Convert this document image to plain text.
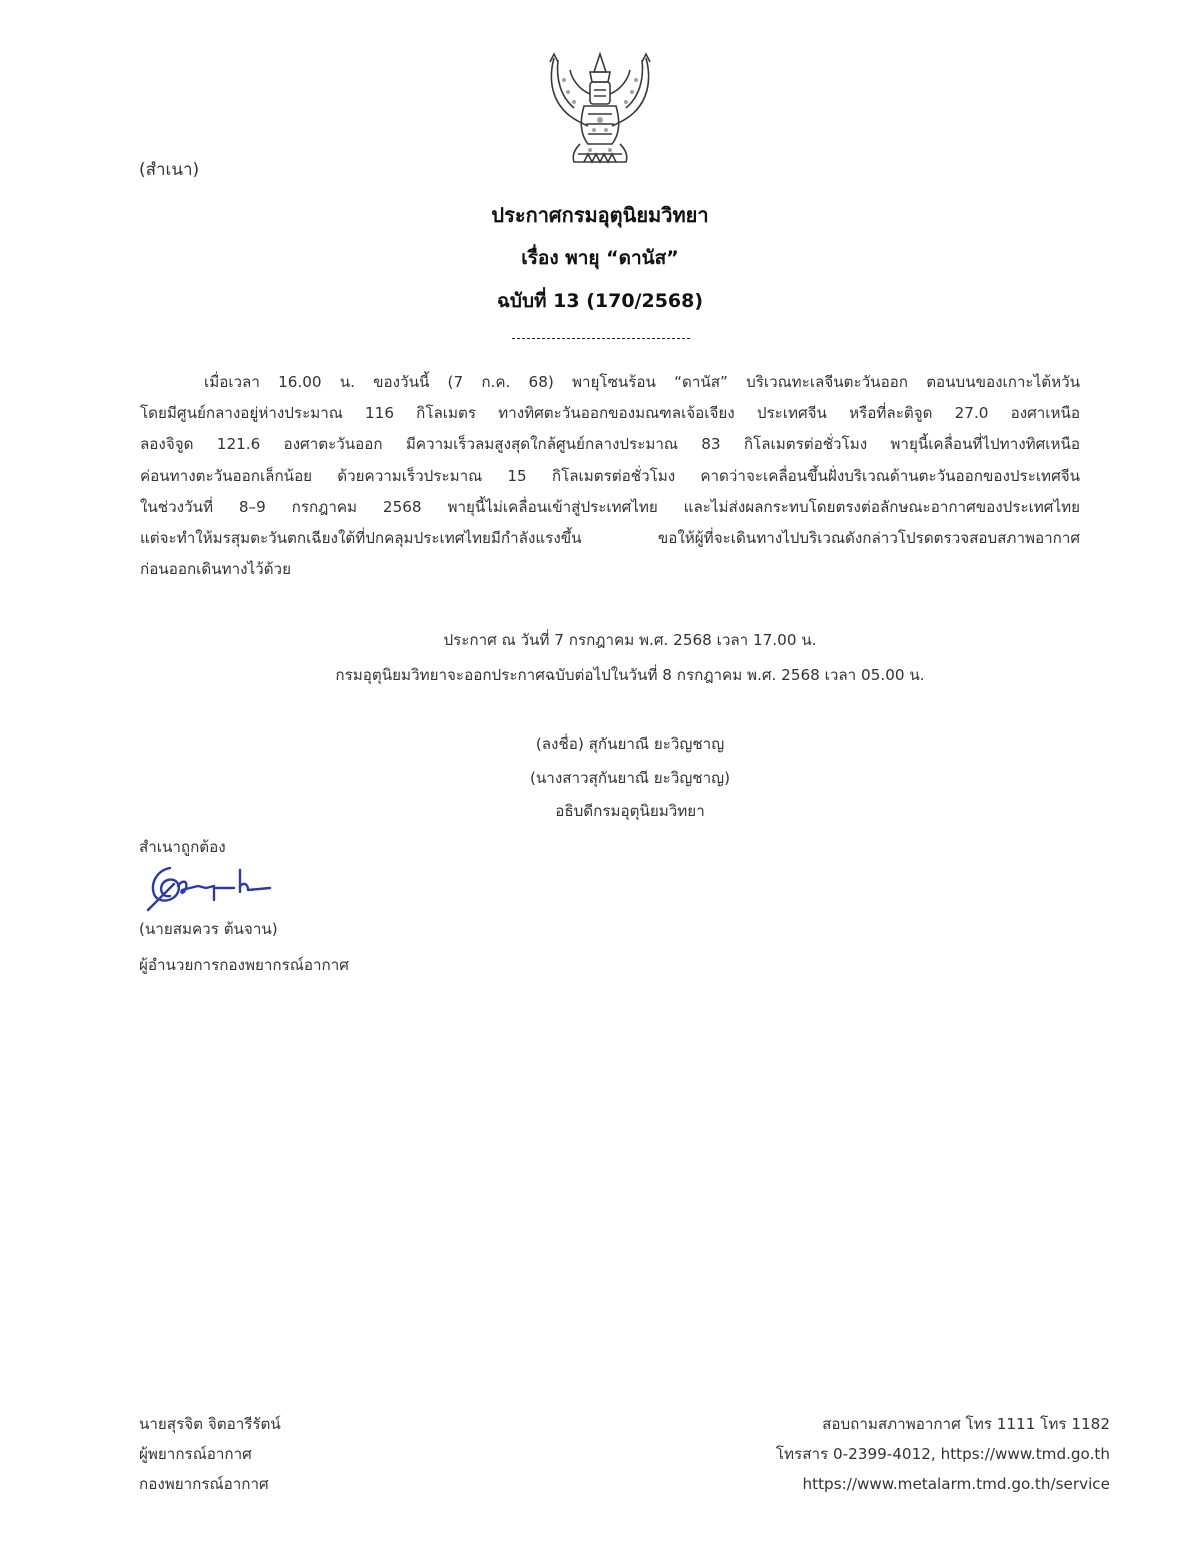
(สำเนา)
ประกาศกรมอุตุนิยมวิทยา
เรื่อง พายุ “ดานัส”
ฉบับที่ 13 (170/2568)
เมื่อเวลา 16.00 น. ของวันนี้ (7 ก.ค. 68) พายุโซนร้อน “ดานัส” บริเวณทะเลจีนตะวันออก ตอนบนของเกาะไต้หวัน
โดยมีศูนย์กลางอยู่ห่างประมาณ 116 กิโลเมตร ทางทิศตะวันออกของมณฑลเจ้อเจียง ประเทศจีน หรือที่ละติจูด 27.0 องศาเหนือ
ลองจิจูด 121.6 องศาตะวันออก มีความเร็วลมสูงสุดใกล้ศูนย์กลางประมาณ 83 กิโลเมตรต่อชั่วโมง พายุนี้เคลื่อนที่ไปทางทิศเหนือ
ค่อนทางตะวันออกเล็กน้อย ด้วยความเร็วประมาณ 15 กิโลเมตรต่อชั่วโมง คาดว่าจะเคลื่อนขึ้นฝั่งบริเวณด้านตะวันออกของประเทศจีน
ในช่วงวันที่ 8–9 กรกฎาคม 2568 พายุนี้ไม่เคลื่อนเข้าสู่ประเทศไทย และไม่ส่งผลกระทบโดยตรงต่อลักษณะอากาศของประเทศไทย
แต่จะทำให้มรสุมตะวันตกเฉียงใต้ที่ปกคลุมประเทศไทยมีกำลังแรงขึ้น ขอให้ผู้ที่จะเดินทางไปบริเวณดังกล่าวโปรดตรวจสอบสภาพอากาศ
ก่อนออกเดินทางไว้ด้วย
ประกาศ ณ วันที่ 7 กรกฎาคม พ.ศ. 2568 เวลา 17.00 น.
กรมอุตุนิยมวิทยาจะออกประกาศฉบับต่อไปในวันที่ 8 กรกฎาคม พ.ศ. 2568 เวลา 05.00 น.
(ลงชื่อ) สุกันยาณี ยะวิญชาญ
(นางสาวสุกันยาณี ยะวิญชาญ)
อธิบดีกรมอุตุนิยมวิทยา
สำเนาถูกต้อง
(นายสมควร ต้นจาน)
ผู้อำนวยการกองพยากรณ์อากาศ
นายสุรจิต จิตอารีรัตน์
ผู้พยากรณ์อากาศ
กองพยากรณ์อากาศ
สอบถามสภาพอากาศ โทร 1111 โทร 1182
โทรสาร 0-2399-4012, https://www.tmd.go.th
https://www.metalarm.tmd.go.th/service
